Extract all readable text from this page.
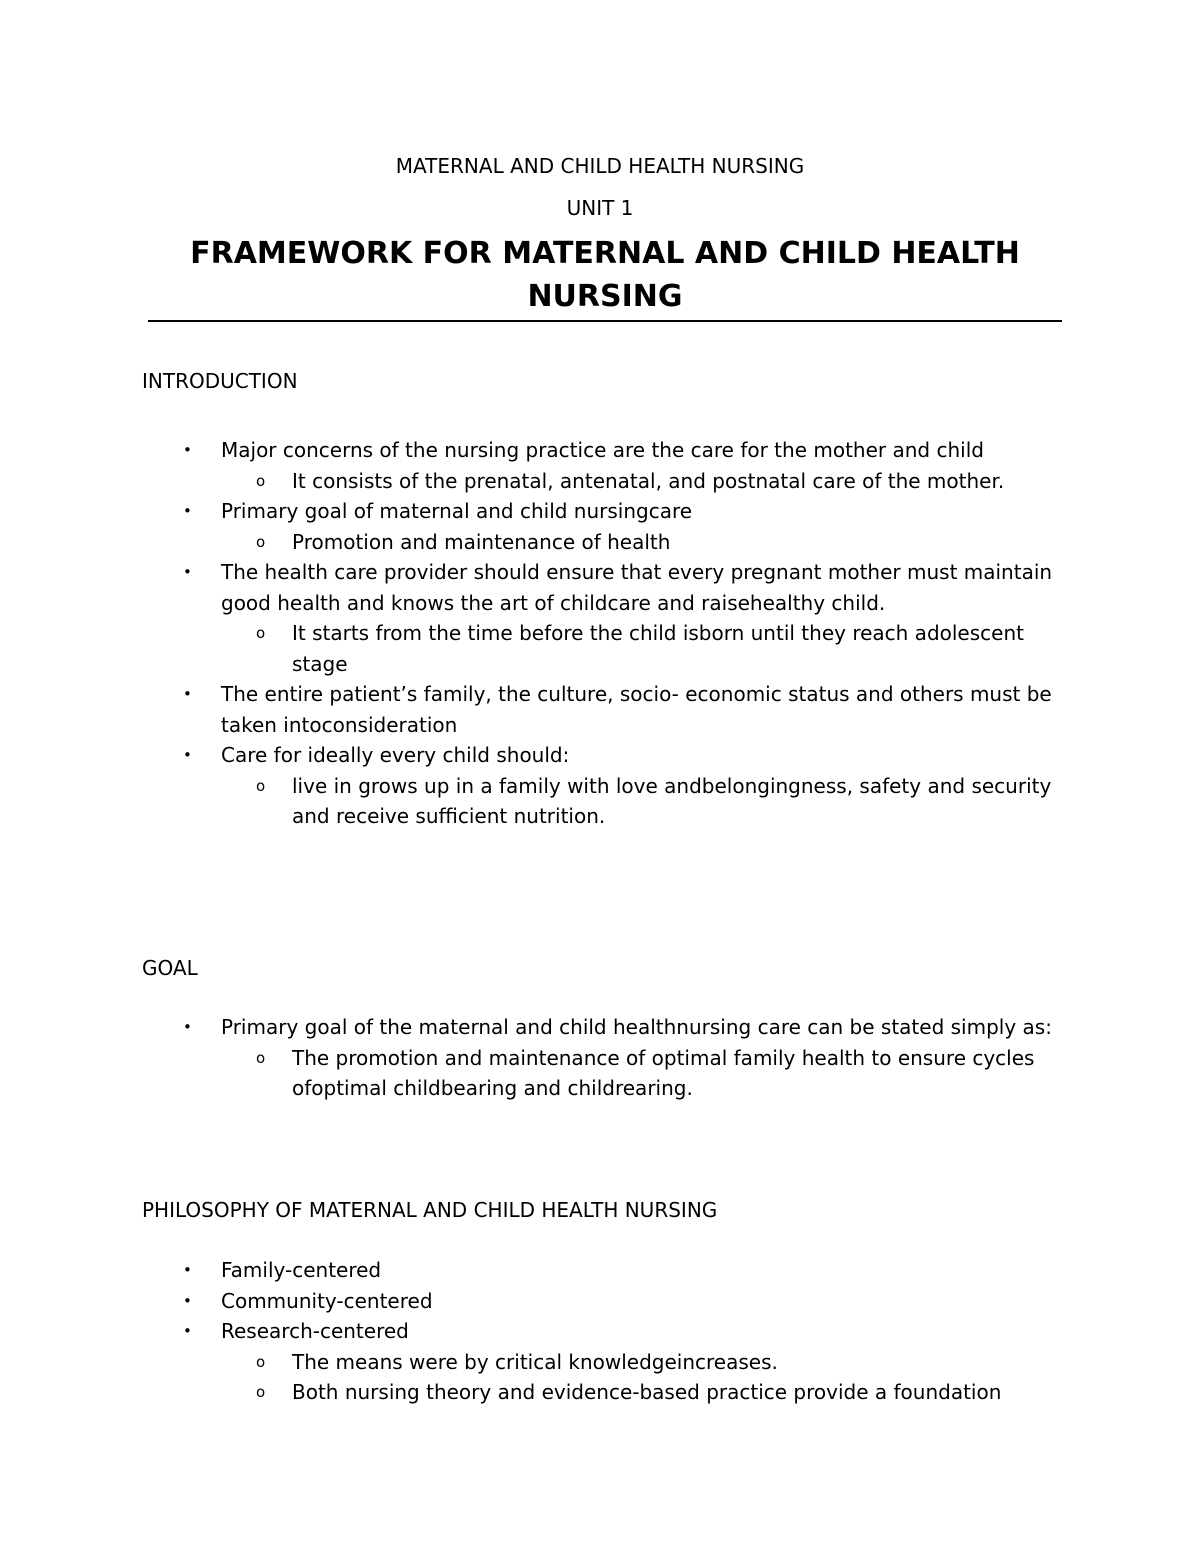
MATERNAL AND CHILD HEALTH NURSING
UNIT 1
FRAMEWORK FOR MATERNAL AND CHILD HEALTH NURSING
INTRODUCTION
• Major concerns of the nursing practice are the care for the mother and child
o It consists of the prenatal, antenatal, and postnatal care of the mother.
• Primary goal of maternal and child nursingcare
o Promotion and maintenance of health
• The health care provider should ensure that every pregnant mother must maintain good health and knows the art of childcare and raisehealthy child.
o It starts from the time before the child isborn until they reach adolescent stage
• The entire patient’s family, the culture, socio- economic status and others must be taken intoconsideration
• Care for ideally every child should:
o live in grows up in a family with love andbelongingness, safety and security and receive sufficient nutrition.
GOAL
• Primary goal of the maternal and child healthnursing care can be stated simply as:
o The promotion and maintenance of optimal family health to ensure cycles ofoptimal childbearing and childrearing.
PHILOSOPHY OF MATERNAL AND CHILD HEALTH NURSING
• Family-centered
• Community-centered
• Research-centered
o The means were by critical knowledgeincreases.
o Both nursing theory and evidence-based practice provide a foundation
